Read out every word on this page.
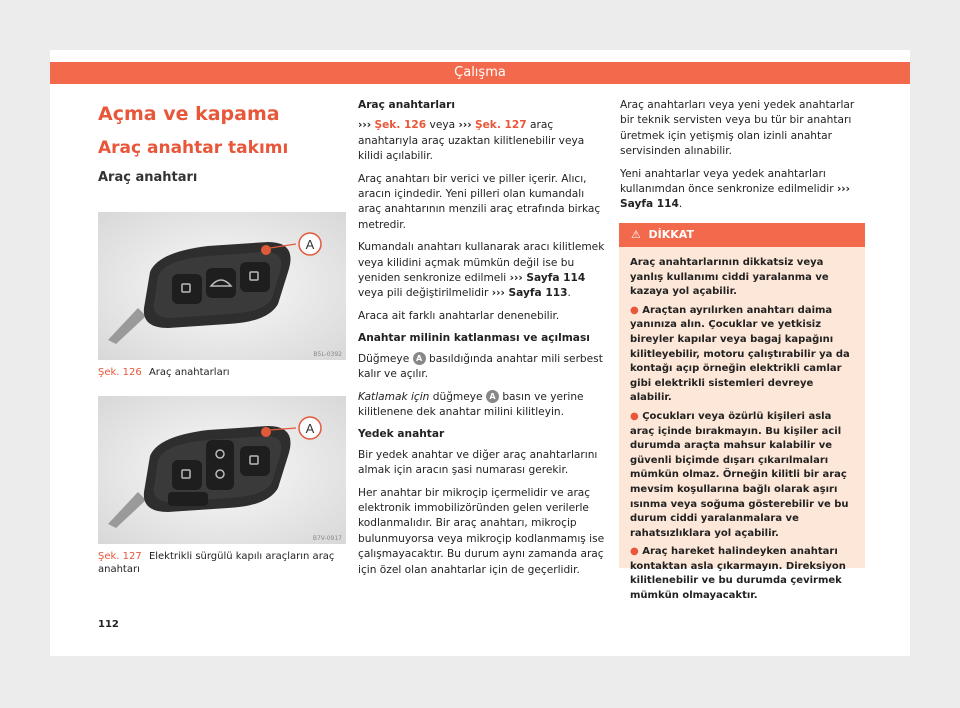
Çalışma
Açma ve kapama
Araç anahtar takımı
Araç anahtarı
A
B5L-0392
Şek. 126 Araç anahtarları
A
B7V-0917
Şek. 127 Elektrikli sürgülü kapılı araçların araç anahtarı

Araç anahtarları

››› Şek. 126 veya ››› Şek. 127 araç anahtarıyla araç uzaktan kilitlenebilir veya kilidi açılabilir.

Araç anahtarı bir verici ve piller içerir. Alıcı, aracın içindedir. Yeni pilleri olan kumandalı araç anahtarının menzili araç etrafında birkaç metredir.

Kumandalı anahtarı kullanarak aracı kilitlemek veya kilidini açmak mümkün değil ise bu yeniden senkronize edilmeli ››› Sayfa 114 veya pili değiştirilmelidir ››› Sayfa 113.

Araca ait farklı anahtarlar denenebilir.

Anahtar milinin katlanması ve açılması

Düğmeye A basıldığında anahtar mili serbest kalır ve açılır.

Katlamak için düğmeye A basın ve yerine kilitlenene dek anahtar milini kilitleyin.

Yedek anahtar

Bir yedek anahtar ve diğer araç anahtarlarını almak için aracın şasi numarası gerekir.

Her anahtar bir mikroçip içermelidir ve araç elektronik immobilizöründen gelen verilerle kodlanmalıdır. Bir araç anahtarı, mikroçip bulunmuyorsa veya mikroçip kodlanmamış ise çalışmayacaktır. Bu durum aynı zamanda araç için özel olan anahtarlar için de geçerlidir.

Araç anahtarları veya yeni yedek anahtarlar bir teknik servisten veya bu tür bir anahtarı üretmek için yetişmiş olan izinli anahtar servisinden alınabilir.

Yeni anahtarlar veya yedek anahtarları kullanımdan önce senkronize edilmelidir ››› Sayfa 114.

⚠  DİKKAT

Araç anahtarlarının dikkatsiz veya yanlış kullanımı ciddi yaralanma ve kazaya yol açabilir.

● Araçtan ayrılırken anahtarı daima yanınıza alın. Çocuklar ve yetkisiz bireyler kapılar veya bagaj kapağını kilitleyebilir, motoru çalıştırabilir ya da kontağı açıp örneğin elektrikli camlar gibi elektrikli sistemleri devreye alabilir.

● Çocukları veya özürlü kişileri asla araç içinde bırakmayın. Bu kişiler acil durumda araçta mahsur kalabilir ve güvenli biçimde dışarı çıkarılmaları mümkün olmaz. Örneğin kilitli bir araç mevsim koşullarına bağlı olarak aşırı ısınma veya soğuma gösterebilir ve bu durum ciddi yaralanmalara ve rahatsızlıklara yol açabilir.

● Araç hareket halindeyken anahtarı kontaktan asla çıkarmayın. Direksiyon kilitlenebilir ve bu durumda çevirmek mümkün olmayacaktır.

112
